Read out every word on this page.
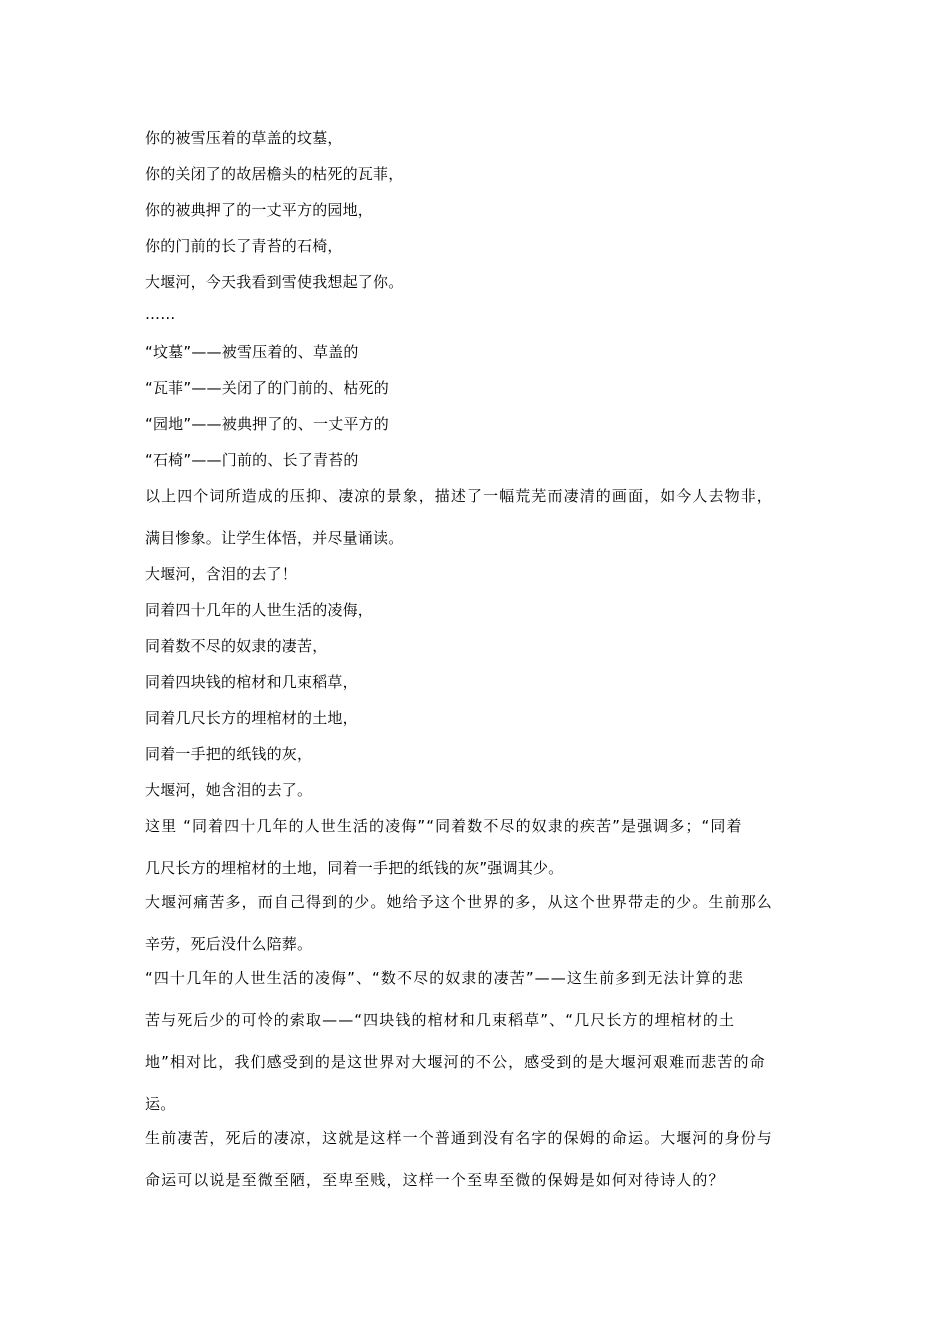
你的被雪压着的草盖的坟墓，
你的关闭了的故居檐头的枯死的瓦菲，
你的被典押了的一丈平方的园地，
你的门前的长了青苔的石椅，
大堰河，今天我看到雪使我想起了你。
……
“坟墓”——被雪压着的、草盖的
“瓦菲”——关闭了的门前的、枯死的
“园地”——被典押了的、一丈平方的
“石椅”——门前的、长了青苔的
以上四个词所造成的压抑、凄凉的景象，描述了一幅荒芜而凄清的画面，如今人去物非，
满目惨象。让学生体悟，并尽量诵读。
大堰河，含泪的去了！
同着四十几年的人世生活的凌侮，
同着数不尽的奴隶的凄苦，
同着四块钱的棺材和几束稻草，
同着几尺长方的埋棺材的土地，
同着一手把的纸钱的灰，
大堰河，她含泪的去了。
这里 “同着四十几年的人世生活的凌侮”“同着数不尽的奴隶的疾苦”是强调多；“同着
几尺长方的埋棺材的土地，同着一手把的纸钱的灰”强调其少。
大堰河痛苦多，而自己得到的少。她给予这个世界的多，从这个世界带走的少。生前那么
辛劳，死后没什么陪葬。
“四十几年的人世生活的凌侮”、“数不尽的奴隶的凄苦”——这生前多到无法计算的悲
苦与死后少的可怜的索取——“四块钱的棺材和几束稻草”、“几尺长方的埋棺材的土
地”相对比，我们感受到的是这世界对大堰河的不公，感受到的是大堰河艰难而悲苦的命
运。
生前凄苦，死后的凄凉，这就是这样一个普通到没有名字的保姆的命运。大堰河的身份与
命运可以说是至微至陋，至卑至贱，这样一个至卑至微的保姆是如何对待诗人的？
